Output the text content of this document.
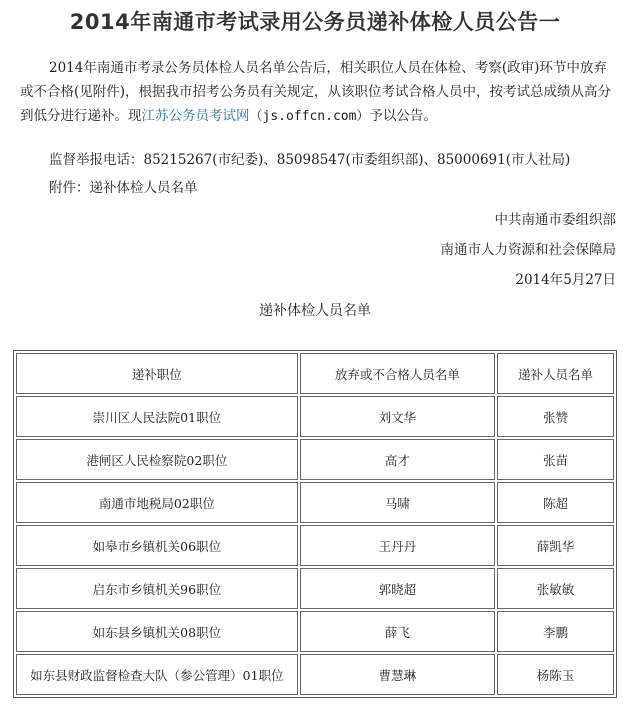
2014年南通市考试录用公务员递补体检人员公告一

2014年南通市考录公务员体检人员名单公告后，相关职位人员在体检、考察(政审)环节中放弃或不合格(见附件)，根据我市招考公务员有关规定，从该职位考试合格人员中，按考试总成绩从高分到低分进行递补。现江苏公务员考试网（js.offcn.com）予以公告。

监督举报电话：85215267(市纪委)、85098547(市委组织部)、85000691(市人社局)

附件：递补体检人员名单

中共南通市委组织部

南通市人力资源和社会保障局

2014年5月27日

递补体检人员名单

递补职位	放弃或不合格人员名单	递补人员名单
崇川区人民法院01职位	刘文华	张赞
港闸区人民检察院02职位	高才	张苗
南通市地税局02职位	马啸	陈超
如皋市乡镇机关06职位	王丹丹	薛凯华
启东市乡镇机关96职位	郭晓超	张敏敏
如东县乡镇机关08职位	薛飞	李鹏
如东县财政监督检查大队（参公管理）01职位	曹慧琳	杨陈玉
